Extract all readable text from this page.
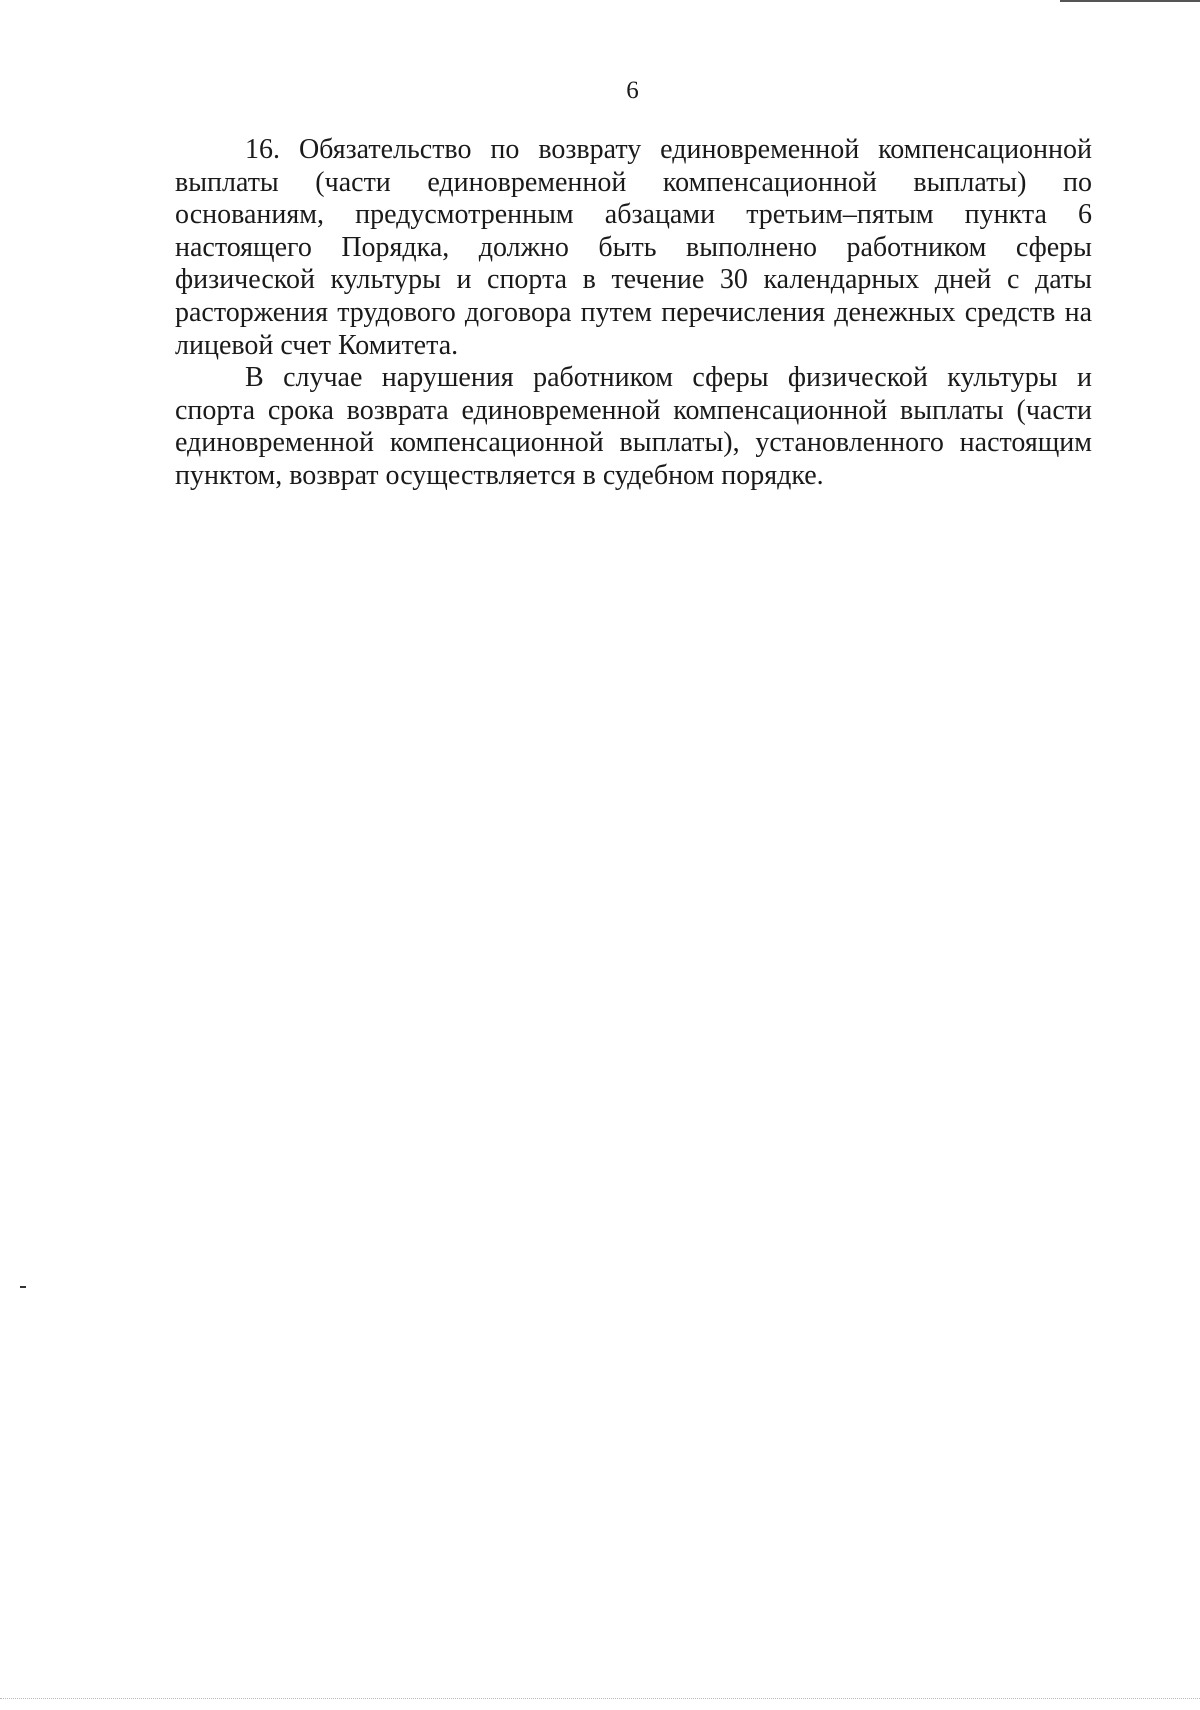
6

16. Обязательство по возврату единовременной компенсационной выплаты (части единовременной компенсационной выплаты) по основаниям, предусмотренным абзацами третьим–пятым пункта 6 настоящего Порядка, должно быть выполнено работником сферы физической культуры и спорта в течение 30 календарных дней с даты расторжения трудового договора путем перечисления денежных средств на лицевой счет Комитета.

В случае нарушения работником сферы физической культуры и спорта срока возврата единовременной компенсационной выплаты (части единовременной компенсационной выплаты), установленного настоящим пунктом, возврат осуществляется в судебном порядке.
